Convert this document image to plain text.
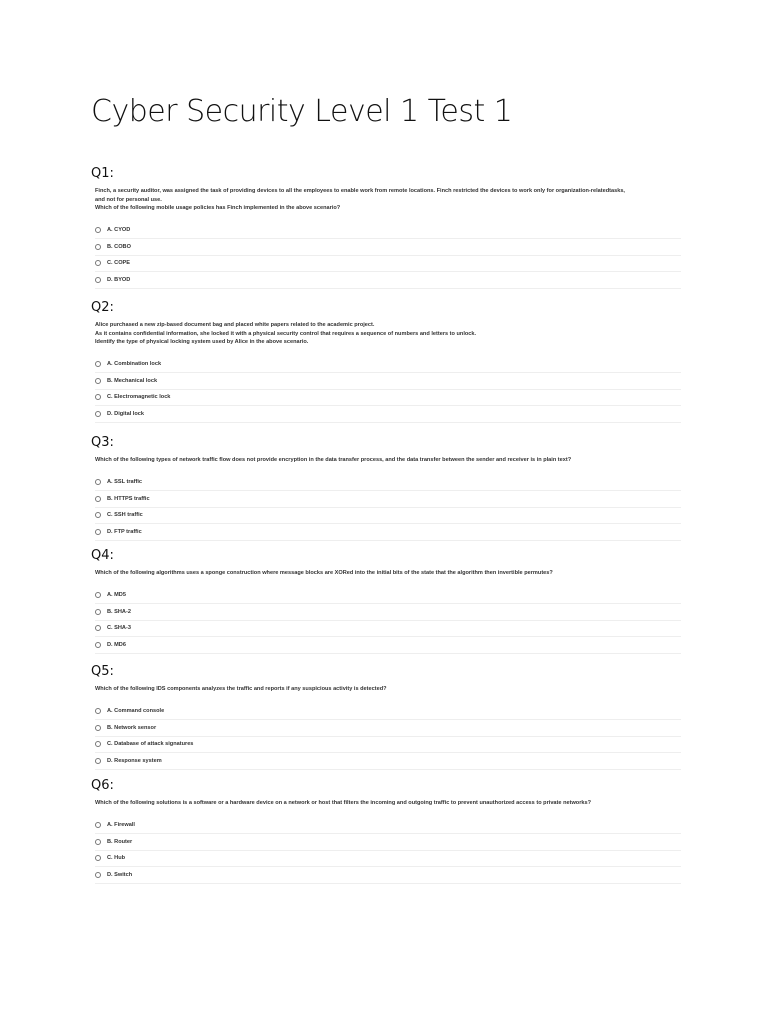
Cyber Security Level 1 Test 1
Q1:
Finch, a security auditor, was assigned the task of providing devices to all the employees to enable work from remote locations. Finch restricted the devices to work only for organization-relatedtasks,
and not for personal use.
Which of the following mobile usage policies has Finch implemented in the above scenario?
A. CYOD
B. COBO
C. COPE
D. BYOD
Q2:
Alice purchased a new zip-based document bag and placed white papers related to the academic project.
As it contains confidential information, she locked it with a physical security control that requires a sequence of numbers and letters to unlock.
Identify the type of physical locking system used by Alice in the above scenario.
A. Combination lock
B. Mechanical lock
C. Electromagnetic lock
D. Digital lock
Q3:
Which of the following types of network traffic flow does not provide encryption in the data transfer process, and the data transfer between the sender and receiver is in plain text?
A. SSL traffic
B. HTTPS traffic
C. SSH traffic
D. FTP traffic
Q4:
Which of the following algorithms uses a sponge construction where message blocks are XORed into the initial bits of the state that the algorithm then invertible permutes?
A. MD5
B. SHA-2
C. SHA-3
D. MD6
Q5:
Which of the following IDS components analyzes the traffic and reports if any suspicious activity is detected?
A. Command console
B. Network sensor
C. Database of attack signatures
D. Response system
Q6:
Which of the following solutions is a software or a hardware device on a network or host that filters the incoming and outgoing traffic to prevent unauthorized access to private networks?
A. Firewall
B. Router
C. Hub
D. Switch
